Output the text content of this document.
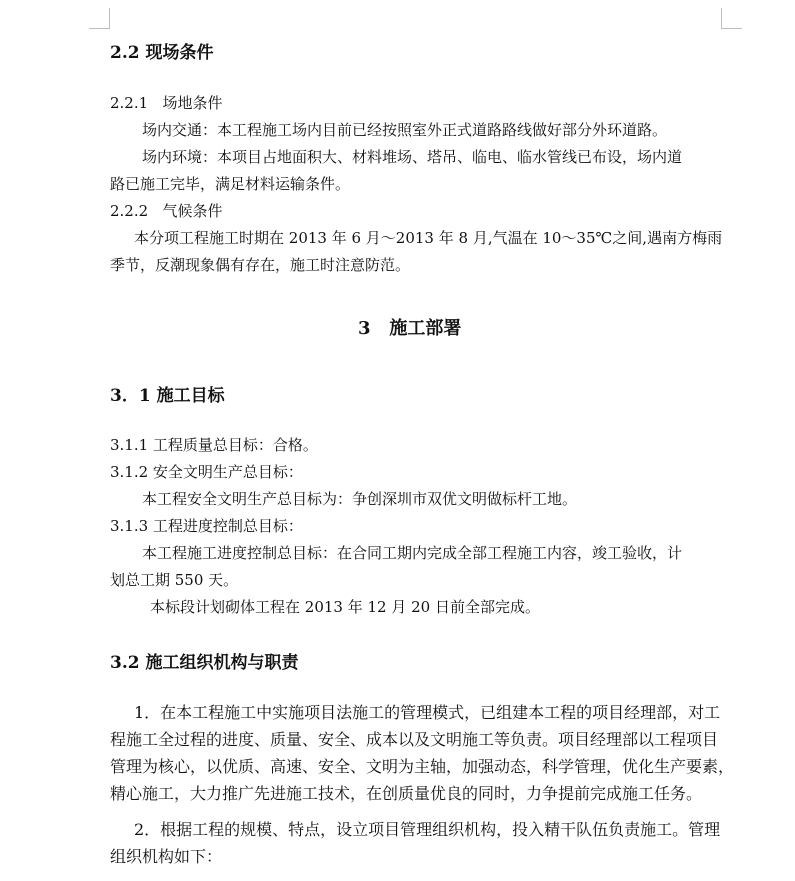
2.2 现场条件
2.2.1   场地条件
场内交通：本工程施工场内目前已经按照室外正式道路路线做好部分外环道路。
场内环境：本项目占地面积大、材料堆场、塔吊、临电、临水管线已布设，场内道
路已施工完毕，满足材料运输条件。
2.2.2   气候条件
本分项工程施工时期在 2013 年 6 月～2013 年 8 月,气温在 10～35℃之间,遇南方梅雨
季节，反潮现象偶有存在，施工时注意防范。
3   施工部署
3．1 施工目标
3.1.1 工程质量总目标：合格。
3.1.2 安全文明生产总目标：
本工程安全文明生产总目标为：争创深圳市双优文明做标杆工地。
3.1.3 工程进度控制总目标：
本工程施工进度控制总目标：在合同工期内完成全部工程施工内容，竣工验收，计
划总工期 550 天。
本标段计划砌体工程在 2013 年 12 月 20 日前全部完成。
3.2 施工组织机构与职责
1．在本工程施工中实施项目法施工的管理模式，已组建本工程的项目经理部，对工
程施工全过程的进度、质量、安全、成本以及文明施工等负责。项目经理部以工程项目
管理为核心，以优质、高速、安全、文明为主轴，加强动态，科学管理，优化生产要素，
精心施工，大力推广先进施工技术，在创质量优良的同时，力争提前完成施工任务。
2．根据工程的规模、特点，设立项目管理组织机构，投入精干队伍负责施工。管理
组织机构如下：
